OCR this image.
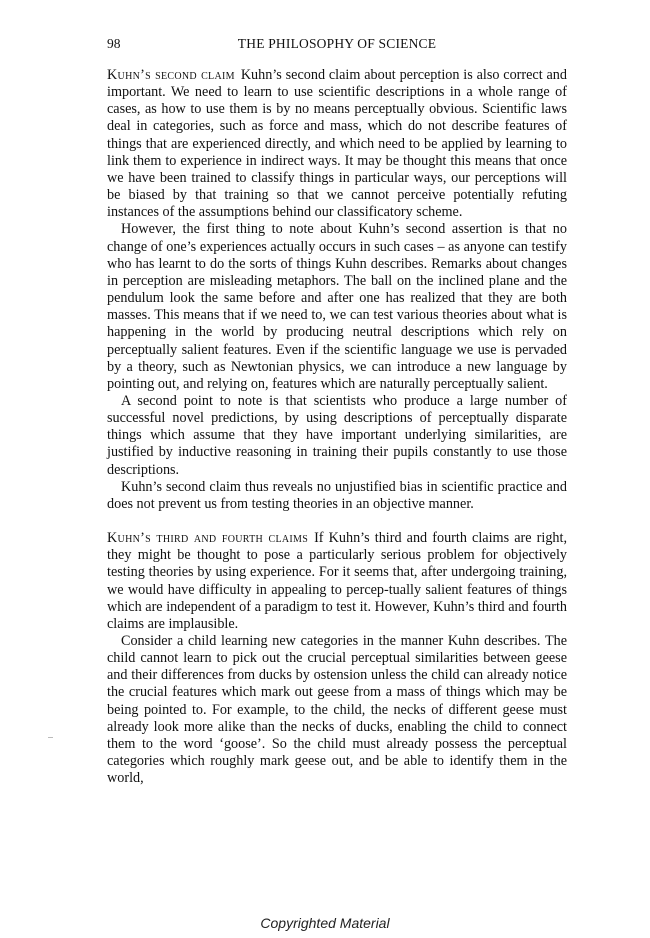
98	THE PHILOSOPHY OF SCIENCE

Kuhn’s second claim Kuhn’s second claim about perception is also correct and important. We need to learn to use scientific descriptions in a whole range of cases, as how to use them is by no means perceptually obvious. Scientific laws deal in categories, such as force and mass, which do not describe features of things that are experienced directly, and which need to be applied by learning to link them to experience in indirect ways. It may be thought this means that once we have been trained to classify things in particular ways, our perceptions will be biased by that training so that we cannot perceive potentially refuting instances of the assumptions behind our classificatory scheme.

However, the first thing to note about Kuhn’s second assertion is that no change of one’s experiences actually occurs in such cases – as anyone can testify who has learnt to do the sorts of things Kuhn describes. Remarks about changes in perception are misleading metaphors. The ball on the inclined plane and the pendulum look the same before and after one has realized that they are both masses. This means that if we need to, we can test various theories about what is happening in the world by producing neutral descriptions which rely on perceptually salient features. Even if the scientific language we use is pervaded by a theory, such as Newtonian physics, we can introduce a new language by pointing out, and relying on, features which are naturally perceptually salient.

A second point to note is that scientists who produce a large number of successful novel predictions, by using descriptions of perceptually disparate things which assume that they have important underlying similarities, are justified by inductive reasoning in training their pupils constantly to use those descriptions.

Kuhn’s second claim thus reveals no unjustified bias in scientific practice and does not prevent us from testing theories in an objective manner.

Kuhn’s third and fourth claims If Kuhn’s third and fourth claims are right, they might be thought to pose a particularly serious problem for objectively testing theories by using experience. For it seems that, after undergoing training, we would have difficulty in appealing to percep-tually salient features of things which are independent of a paradigm to test it. However, Kuhn’s third and fourth claims are implausible.

Consider a child learning new categories in the manner Kuhn describes. The child cannot learn to pick out the crucial perceptual similarities between geese and their differences from ducks by ostension unless the child can already notice the crucial features which mark out geese from a mass of things which may be being pointed to. For example, to the child, the necks of different geese must already look more alike than the necks of ducks, enabling the child to connect them to the word ‘goose’. So the child must already possess the perceptual categories which roughly mark geese out, and be able to identify them in the world,

Copyrighted Material
